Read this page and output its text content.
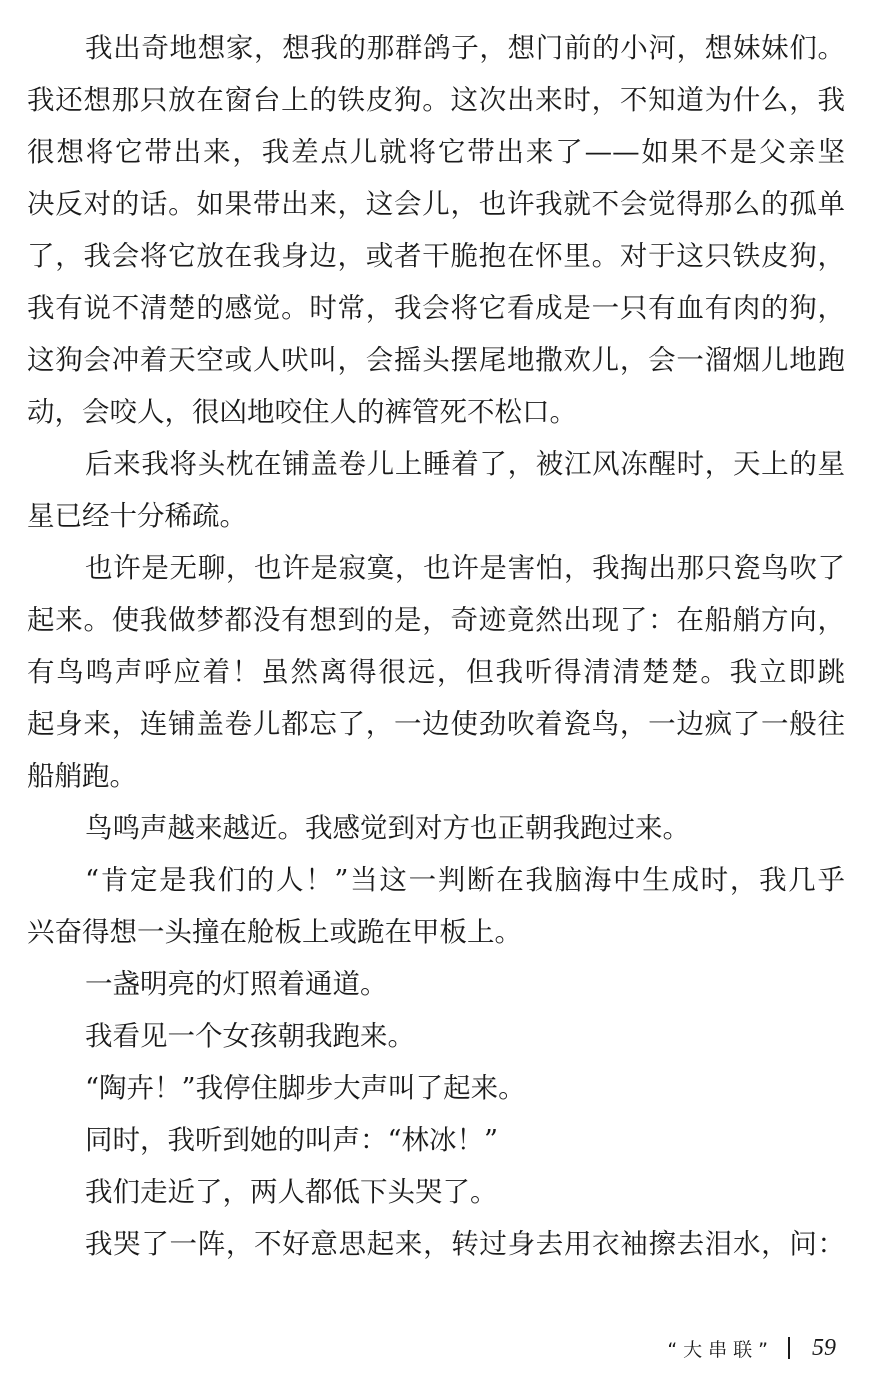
我出奇地想家，想我的那群鸽子，想门前的小河，想妹妹们。
我还想那只放在窗台上的铁皮狗。这次出来时，不知道为什么，我
很想将它带出来，我差点儿就将它带出来了——如果不是父亲坚
决反对的话。如果带出来，这会儿，也许我就不会觉得那么的孤单
了，我会将它放在我身边，或者干脆抱在怀里。对于这只铁皮狗，
我有说不清楚的感觉。时常，我会将它看成是一只有血有肉的狗，
这狗会冲着天空或人吠叫，会摇头摆尾地撒欢儿，会一溜烟儿地跑
动，会咬人，很凶地咬住人的裤管死不松口。
后来我将头枕在铺盖卷儿上睡着了，被江风冻醒时，天上的星
星已经十分稀疏。
也许是无聊，也许是寂寞，也许是害怕，我掏出那只瓷鸟吹了
起来。使我做梦都没有想到的是，奇迹竟然出现了：在船艄方向，
有鸟鸣声呼应着！虽然离得很远，但我听得清清楚楚。我立即跳
起身来，连铺盖卷儿都忘了，一边使劲吹着瓷鸟，一边疯了一般往
船艄跑。
鸟鸣声越来越近。我感觉到对方也正朝我跑过来。
“肯定是我们的人！”当这一判断在我脑海中生成时，我几乎
兴奋得想一头撞在舱板上或跪在甲板上。
一盏明亮的灯照着通道。
我看见一个女孩朝我跑来。
“陶卉！”我停住脚步大声叫了起来。
同时，我听到她的叫声：“林冰！”
我们走近了，两人都低下头哭了。
我哭了一阵，不好意思起来，转过身去用衣袖擦去泪水，问：
“大串联” 59
